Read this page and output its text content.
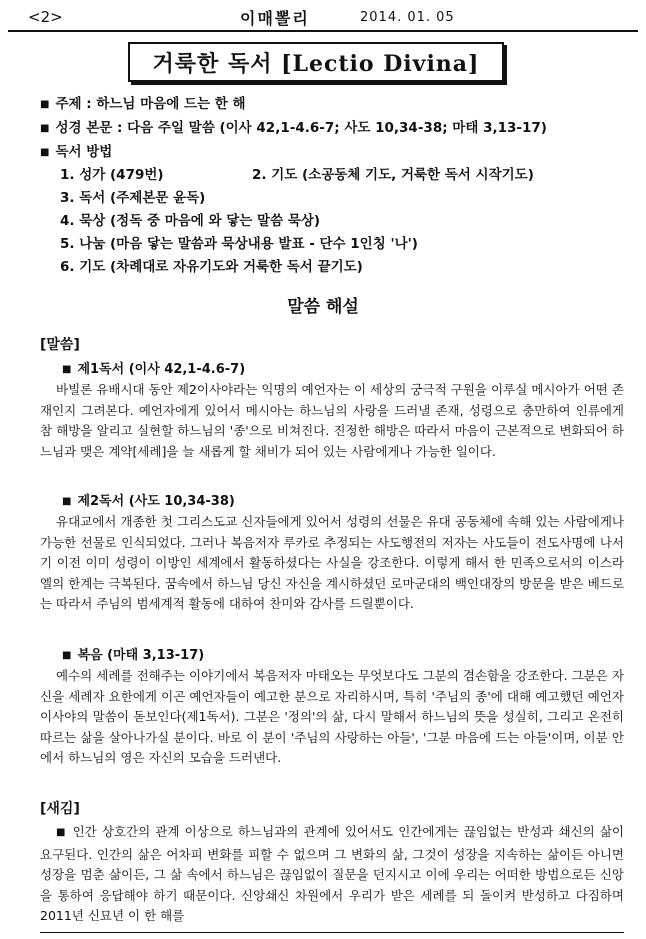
<2>	이매뽈리	2014. 01. 05
거룩한 독서 [Lectio Divina]
■ 주제 : 하느님 마음에 드는 한 해
■ 성경 본문 : 다음 주일 말씀 (이사 42,1-4.6-7; 사도 10,34-38; 마태 3,13-17)
■ 독서 방법
1. 성가 (479번)	2. 기도 (소공동체 기도, 거룩한 독서 시작기도)
3. 독서 (주제본문 윤독)
4. 묵상 (정독 중 마음에 와 닿는 말씀 묵상)
5. 나눔 (마음 닿는 말씀과 묵상내용 발표 - 단수 1인칭 '나')
6. 기도 (차례대로 자유기도와 거룩한 독서 끝기도)
말씀 해설
[말씀]
■ 제1독서 (이사 42,1-4.6-7)

바빌론 유배시대 동안 제2이사야라는 익명의 예언자는 이 세상의 궁극적 구원을 이루실 메시아가 어떤 존재인지 그려본다. 예언자에게 있어서 메시아는 하느님의 사랑을 드러낼 존재, 성령으로 충만하여 인류에게 참 해방을 알리고 실현할 하느님의 '종'으로 비쳐진다. 진정한 해방은 따라서 마음이 근본적으로 변화되어 하느님과 맺은 계약[세례]을 늘 새롭게 할 채비가 되어 있는 사람에게나 가능한 일이다.

■ 제2독서 (사도 10,34-38)

유대교에서 개종한 첫 그리스도교 신자들에게 있어서 성령의 선물은 유대 공동체에 속해 있는 사람에게나 가능한 선물로 인식되었다. 그러나 복음저자 루카로 추정되는 사도행전의 저자는 사도들이 전도사명에 나서기 이전 이미 성령이 이방인 세계에서 활동하셨다는 사실을 강조한다. 이렇게 해서 한 민족으로서의 이스라엘의 한계는 극복된다. 꿈속에서 하느님 당신 자신을 계시하셨던 로마군대의 백인대장의 방문을 받은 베드로는 따라서 주님의 범세계적 활동에 대하여 찬미와 감사를 드릴뿐이다.

■ 복음 (마태 3,13-17)

예수의 세례를 전해주는 이야기에서 복음저자 마태오는 무엇보다도 그분의 겸손함을 강조한다. 그분은 자신을 세례자 요한에게 이곤 예언자들이 예고한 분으로 자리하시며, 특히 '주님의 종'에 대해 예고했던 예언자 이사야의 말씀이 돋보인다(제1독서). 그분은 '정의'의 삶, 다시 말해서 하느님의 뜻을 성실히, 그리고 온전히 따르는 삶을 살아나가실 분이다. 바로 이 분이 '주님의 사랑하는 아들', '그분 마음에 드는 아들'이며, 이분 안에서 하느님의 영은 자신의 모습을 드러낸다.

[새김]

■ 인간 상호간의 관계 이상으로 하느님과의 관계에 있어서도 인간에게는 끊임없는 반성과 쇄신의 삶이 요구된다. 인간의 삶은 어차피 변화를 피할 수 없으며 그 변화의 삶, 그것이 성장을 지속하는 삶이든 아니면 성장을 멈춘 삶이든, 그 삶 속에서 하느님은 끊임없이 질문을 던지시고 이에 우리는 어떠한 방법으로든 신앙을 통하여 응답해야 하기 때문이다. 신앙쇄신 차원에서 우리가 받은 세례를 되 돌이켜 반성하고 다짐하며 2011년 신묘년 이 한 해를
